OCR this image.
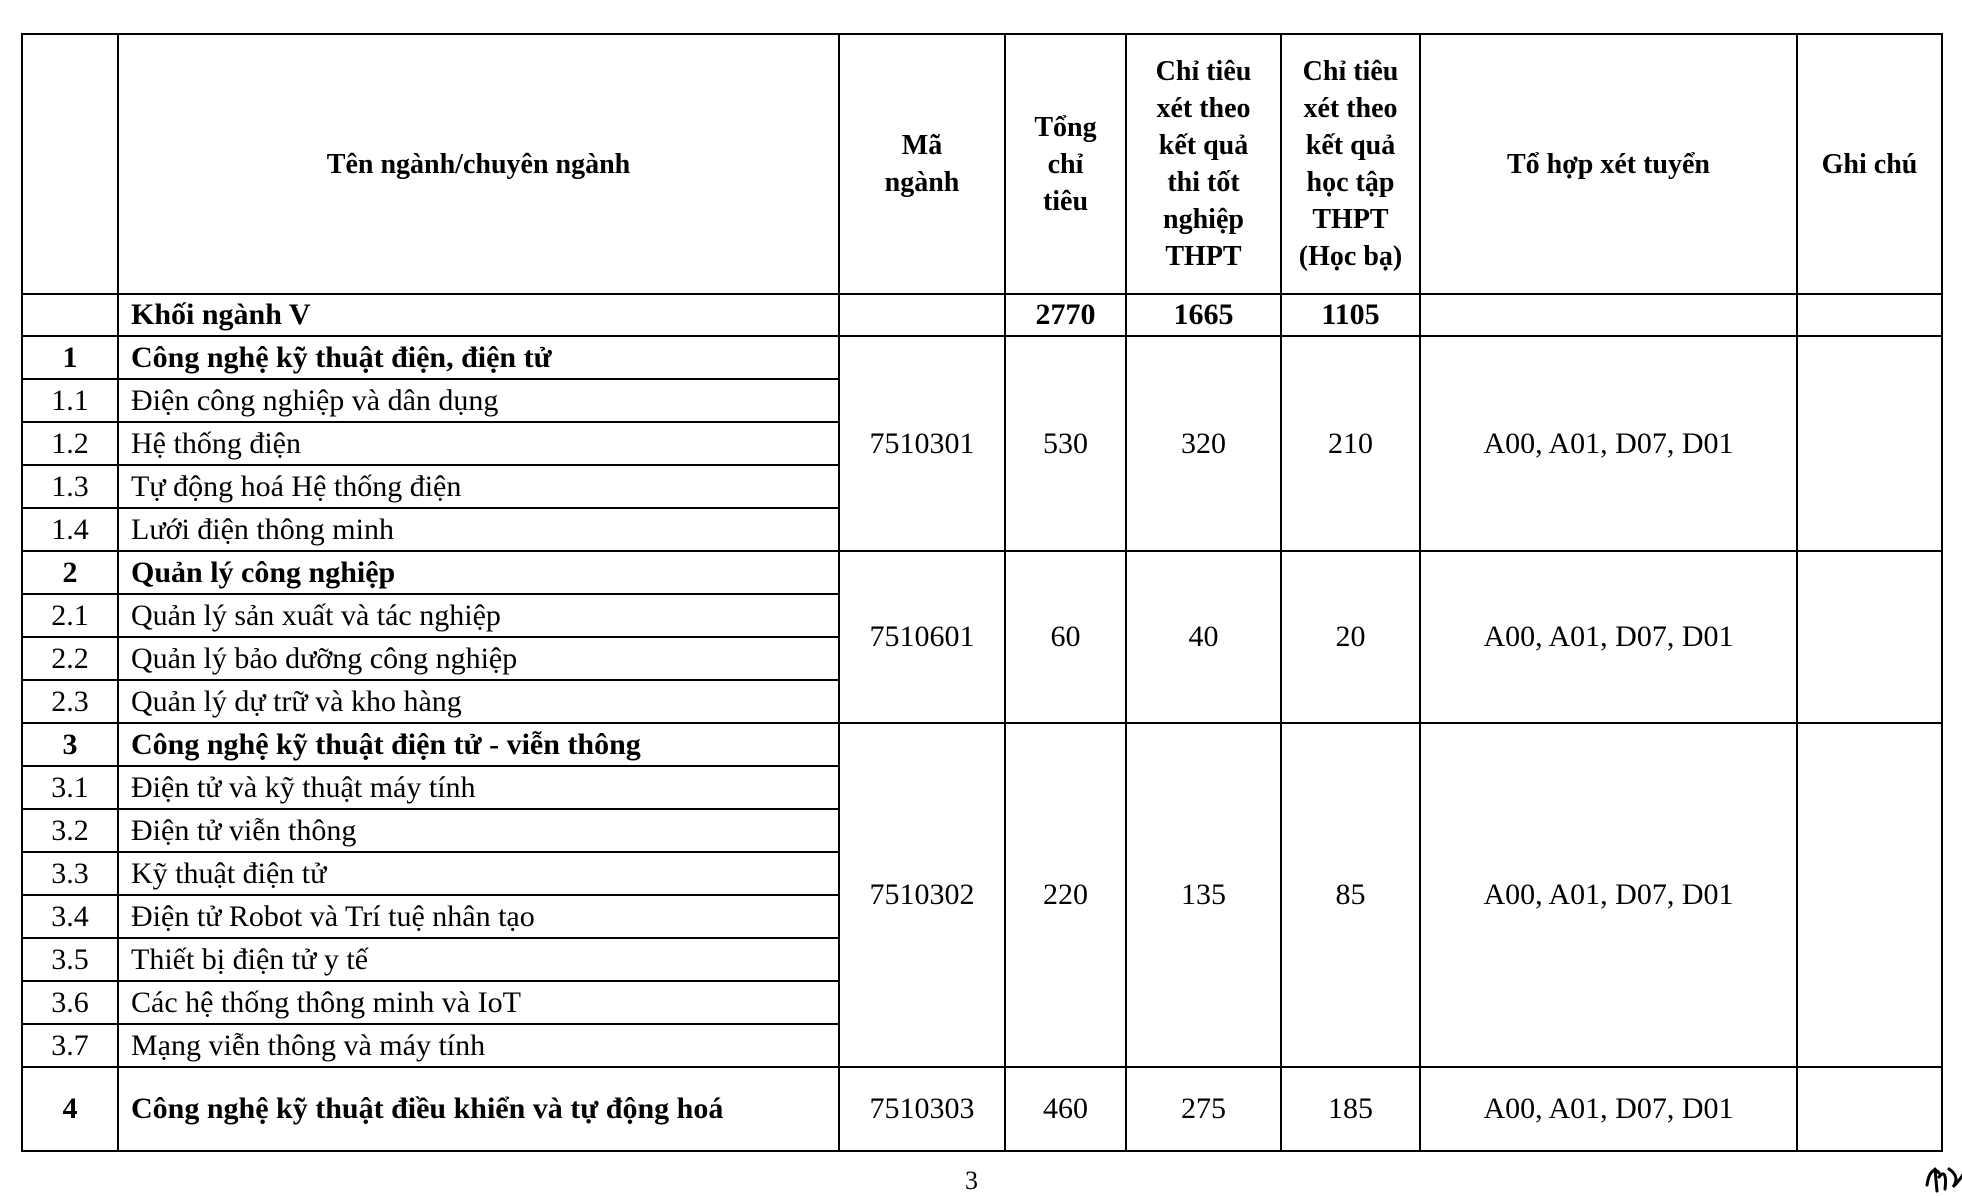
	Tên ngành/chuyên ngành	Mã ngành	Tổng chỉ tiêu	Chỉ tiêu xét theo kết quả thi tốt nghiệp THPT	Chỉ tiêu xét theo kết quả học tập THPT (Học bạ)	Tổ hợp xét tuyển	Ghi chú
	Khối ngành V		2770	1665	1105		
1	Công nghệ kỹ thuật điện, điện tử	7510301	530	320	210	A00, A01, D07, D01	
1.1	Điện công nghiệp và dân dụng						
1.2	Hệ thống điện						
1.3	Tự động hoá Hệ thống điện						
1.4	Lưới điện thông minh						
2	Quản lý công nghiệp	7510601	60	40	20	A00, A01, D07, D01	
2.1	Quản lý sản xuất và tác nghiệp						
2.2	Quản lý bảo dưỡng công nghiệp						
2.3	Quản lý dự trữ và kho hàng						
3	Công nghệ kỹ thuật điện tử - viễn thông	7510302	220	135	85	A00, A01, D07, D01	
3.1	Điện tử và kỹ thuật máy tính						
3.2	Điện tử viễn thông						
3.3	Kỹ thuật điện tử						
3.4	Điện tử Robot và Trí tuệ nhân tạo						
3.5	Thiết bị điện tử y tế						
3.6	Các hệ thống thông minh và IoT						
3.7	Mạng viễn thông và máy tính						
4	Công nghệ kỹ thuật điều khiển và tự động hoá	7510303	460	275	185	A00, A01, D07, D01	
3
